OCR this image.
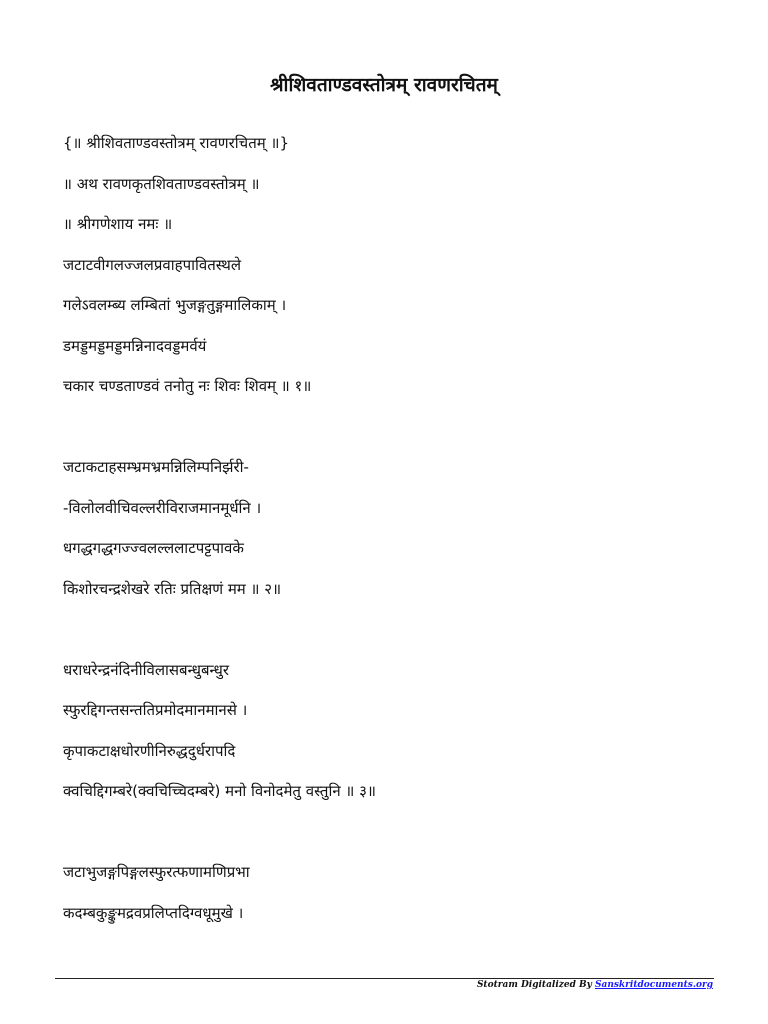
श्रीशिवताण्डवस्तोत्रम् रावणरचितम्
{॥ श्रीशिवताण्डवस्तोत्रम् रावणरचितम् ॥}
॥ अथ रावणकृतशिवताण्डवस्तोत्रम् ॥
॥ श्रीगणेशाय नमः ॥
जटाटवीगलज्जलप्रवाहपावितस्थले
गलेऽवलम्ब्य लम्बितां भुजङ्गतुङ्गमालिकाम् ।
डमड्डमड्डमड्डमन्निनादवड्डमर्वयं
चकार चण्डताण्डवं तनोतु नः शिवः शिवम् ॥ १॥
जटाकटाहसम्भ्रमभ्रमन्निलिम्पनिर्झरी-
-विलोलवीचिवल्लरीविराजमानमूर्धनि ।
धगद्धगद्धगज्ज्वलल्ललाटपट्टपावके
किशोरचन्द्रशेखरे रतिः प्रतिक्षणं मम ॥ २॥
धराधरेन्द्रनंदिनीविलासबन्धुबन्धुर
स्फुरद्दिगन्तसन्ततिप्रमोदमानमानसे ।
कृपाकटाक्षधोरणीनिरुद्धदुर्धरापदि
क्वचिद्दिगम्बरे(क्वचिच्चिदम्बरे) मनो विनोदमेतु वस्तुनि ॥ ३॥
जटाभुजङ्गपिङ्गलस्फुरत्फणामणिप्रभा
कदम्बकुङ्कुमद्रवप्रलिप्तदिग्वधूमुखे ।
Stotram Digitalized By Sanskritdocuments.org
